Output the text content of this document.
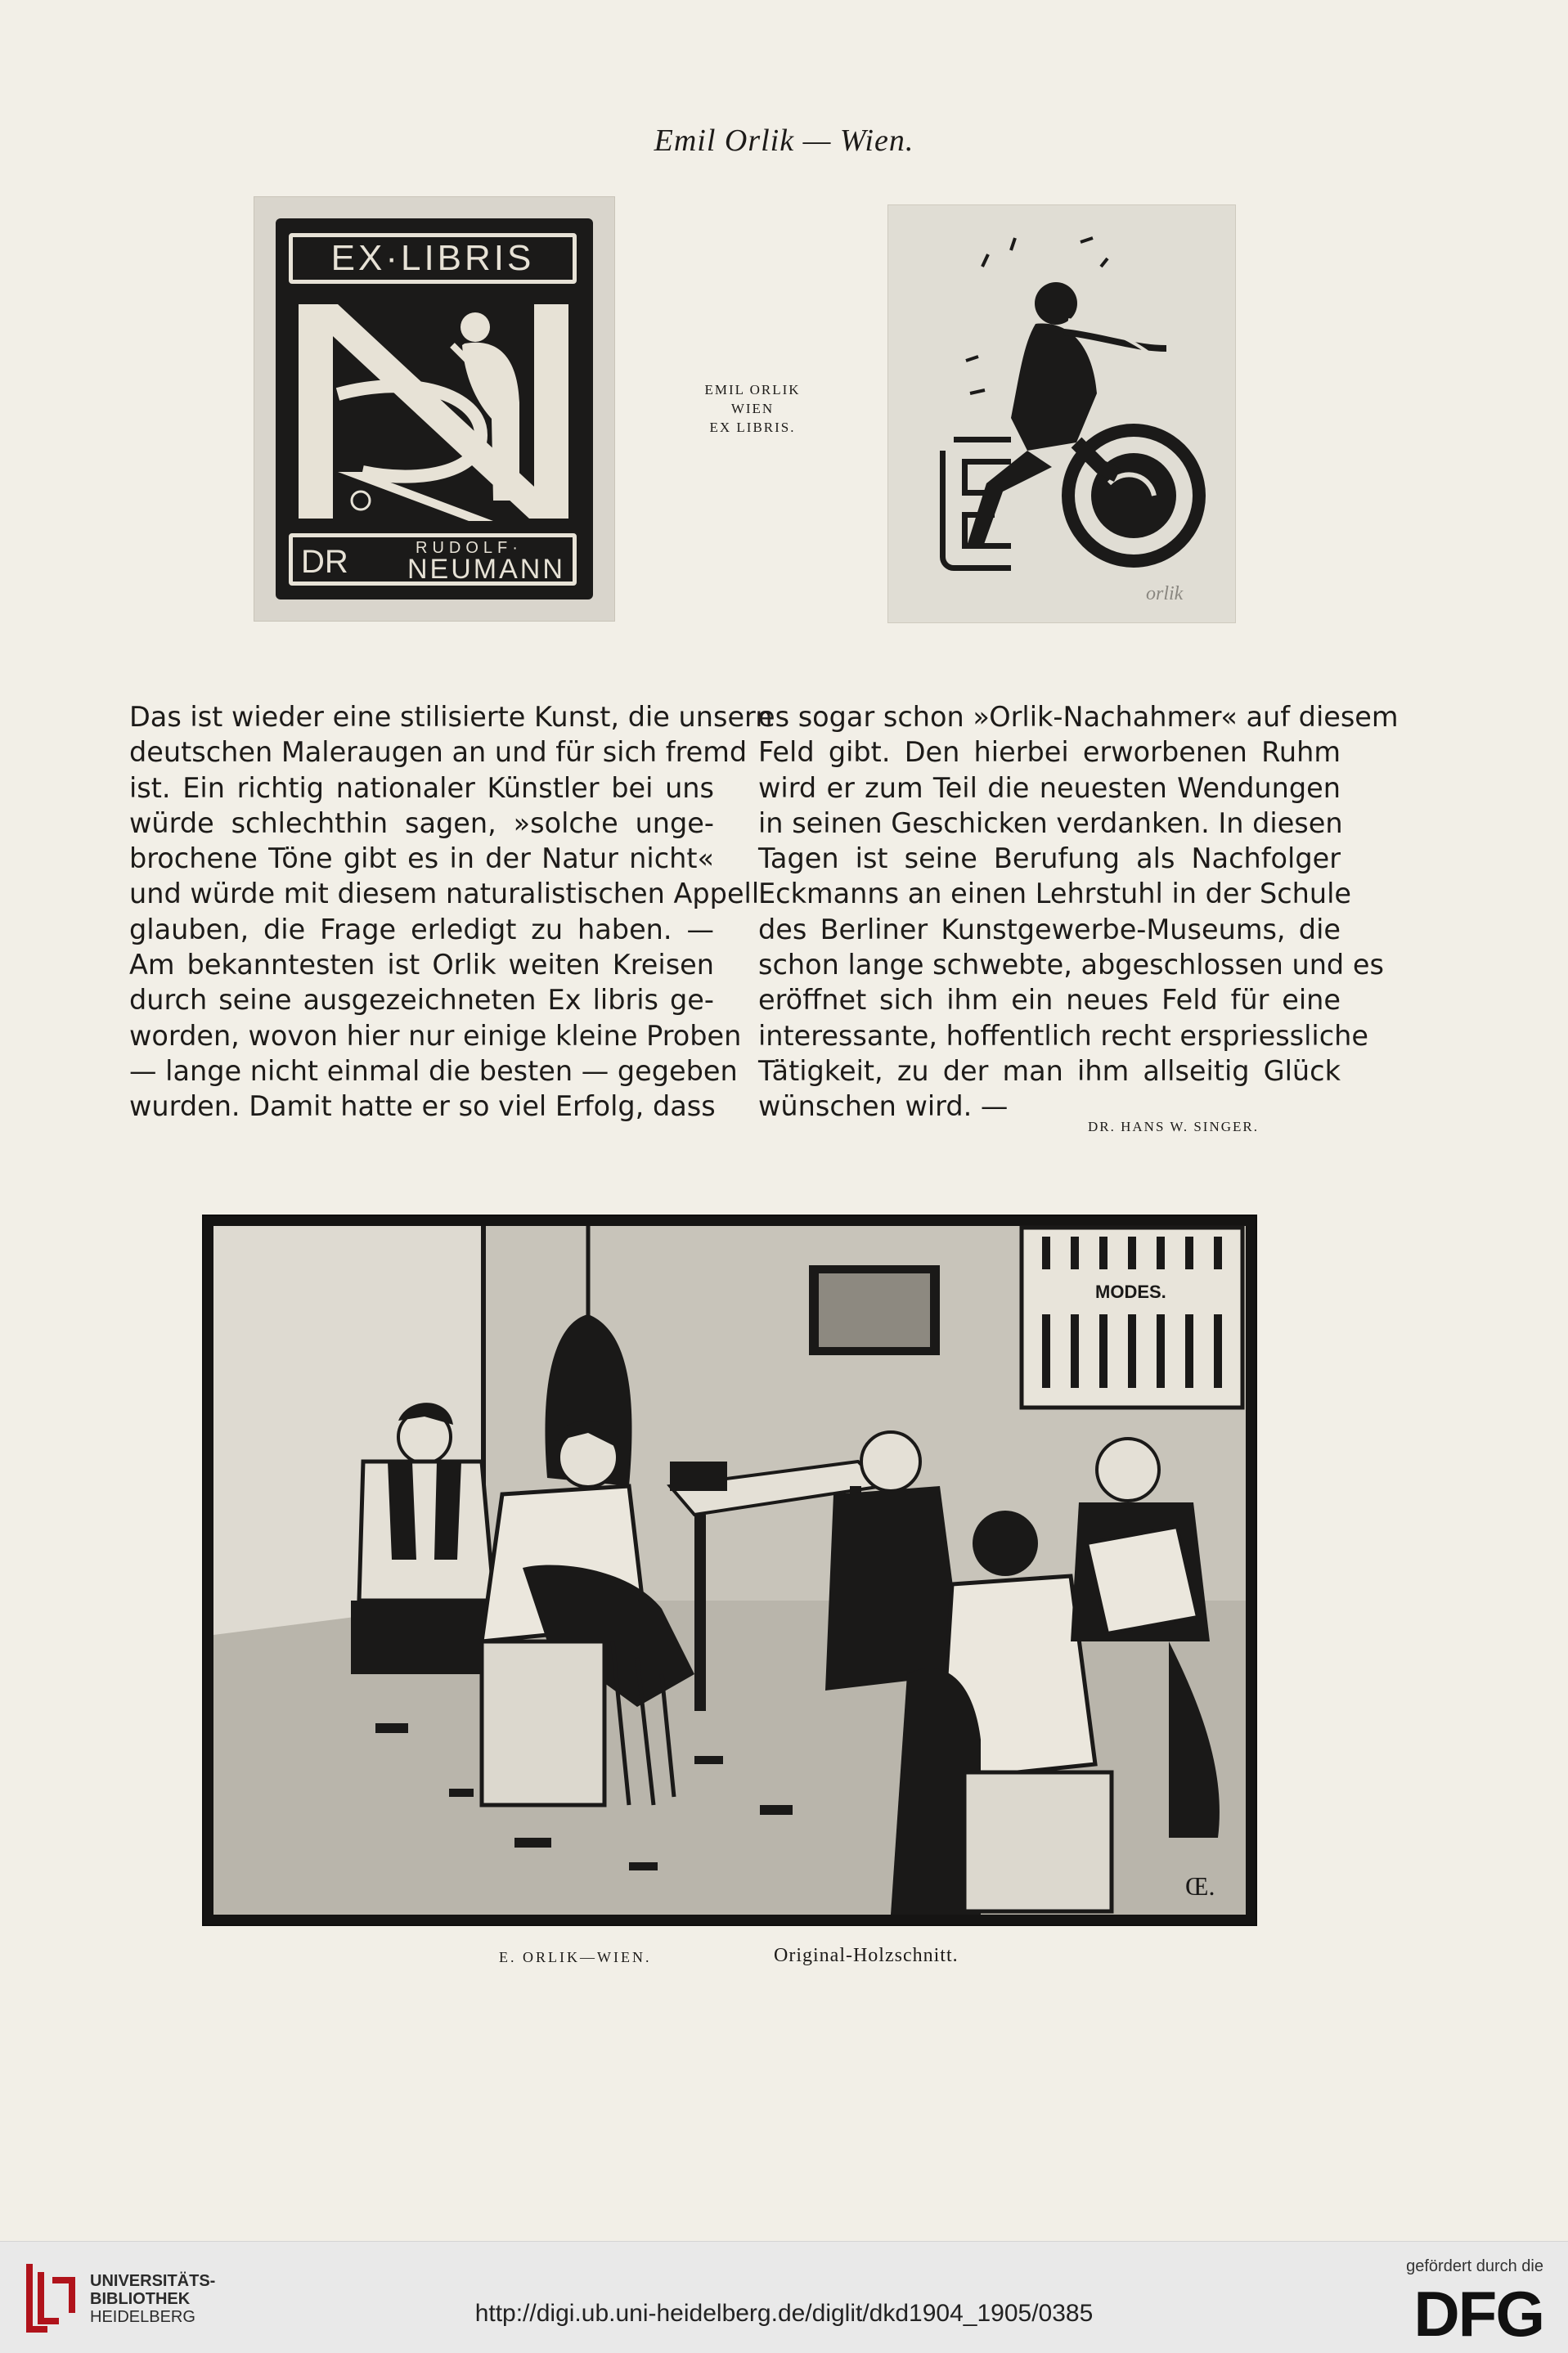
Emil Orlik — Wien.
EX·LIBRIS
DR	RUDOLF·
NEUMANN
EMIL ORLIK
WIEN
EX LIBRIS.
orlik
Das ist wieder eine stilisierte Kunst, die unsern
deutschen Maleraugen an und für sich fremd
ist. Ein richtig nationaler Künstler bei uns
würde schlechthin sagen, »solche unge-
brochene Töne gibt es in der Natur nicht«
und würde mit diesem naturalistischen Appell
glauben, die Frage erledigt zu haben. —
Am bekanntesten ist Orlik weiten Kreisen
durch seine ausgezeichneten Ex libris ge-
worden, wovon hier nur einige kleine Proben
— lange nicht einmal die besten — gegeben
wurden. Damit hatte er so viel Erfolg, dass
es sogar schon »Orlik-Nachahmer« auf diesem
Feld gibt. Den hierbei erworbenen Ruhm
wird er zum Teil die neuesten Wendungen
in seinen Geschicken verdanken. In diesen
Tagen ist seine Berufung als Nachfolger
Eckmanns an einen Lehrstuhl in der Schule
des Berliner Kunstgewerbe-Museums, die
schon lange schwebte, abgeschlossen und es
eröffnet sich ihm ein neues Feld für eine
interessante, hoffentlich recht erspriessliche
Tätigkeit, zu der man ihm allseitig Glück
wünschen wird. —
DR. HANS W. SINGER.
MODES.
Œ.
E. ORLIK—WIEN.	Original-Holzschnitt.
UNIVERSITÄTS-
BIBLIOTHEK
HEIDELBERG	http://digi.ub.uni-heidelberg.de/diglit/dkd1904_1905/0385
gefördert durch die
DFG
